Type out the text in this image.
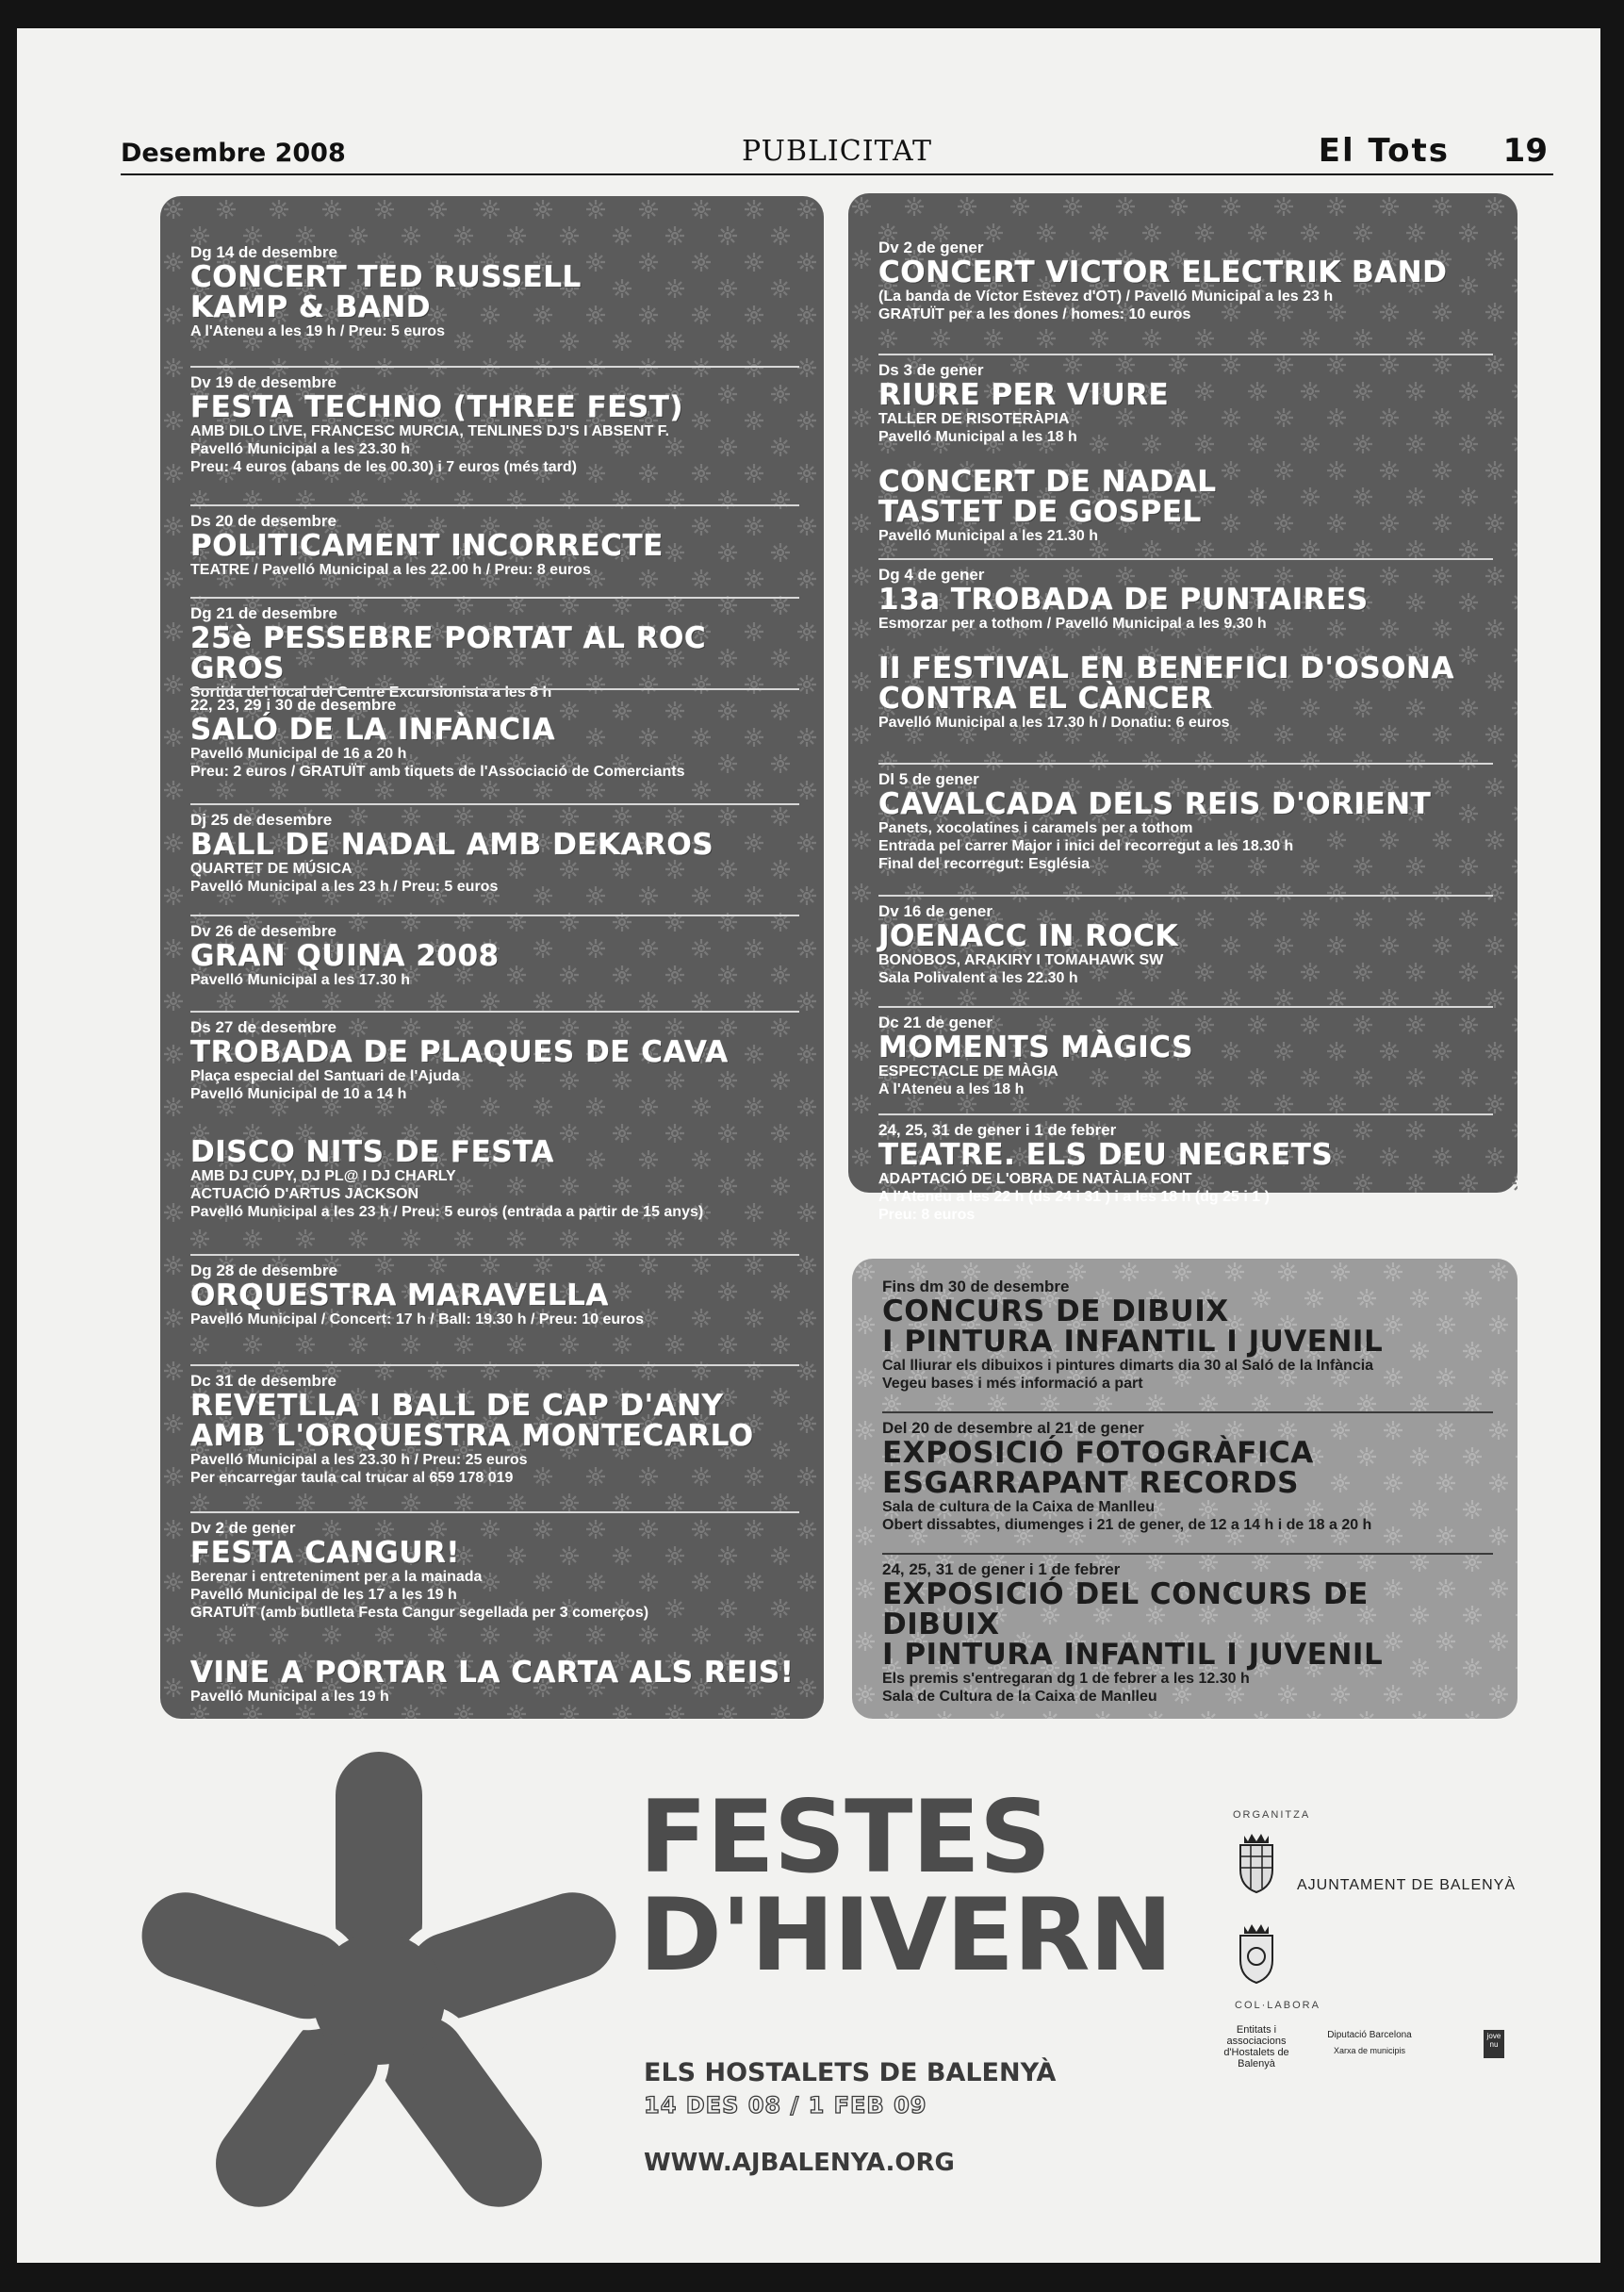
Desembre 2008	PUBLICITAT	El Tots 19
Dg 14 de desembre
CONCERT TED RUSSELL
KAMP & BAND
A l'Ateneu a les 19 h / Preu: 5 euros
Dv 19 de desembre
FESTA TECHNO (THREE FEST)
AMB DILO LIVE, FRANCESC MURCIA, TENLINES DJ'S I ABSENT F.
Pavelló Municipal a les 23.30 h
Preu: 4 euros (abans de les 00.30) i 7 euros (més tard)
Ds 20 de desembre
POLITICAMENT INCORRECTE
TEATRE / Pavelló Municipal a les 22.00 h / Preu: 8 euros
Dg 21 de desembre
25è PESSEBRE PORTAT AL ROC GROS
Sortida del local del Centre Excursionista a les 8 h
22, 23, 29 i 30 de desembre
SALÓ DE LA INFÀNCIA
Pavelló Municipal de 16 a 20 h
Preu: 2 euros / GRATUÏT amb tiquets de l'Associació de Comerciants
Dj 25 de desembre
BALL DE NADAL AMB DEKAROS
QUARTET DE MÚSICA
Pavelló Municipal a les 23 h / Preu: 5 euros
Dv 26 de desembre
GRAN QUINA 2008
Pavelló Municipal a les 17.30 h
Ds 27 de desembre
TROBADA DE PLAQUES DE CAVA
Plaça especial del Santuari de l'Ajuda
Pavelló Municipal de 10 a 14 h
DISCO NITS DE FESTA
AMB DJ CUPY, DJ PL@ I DJ CHARLY
ACTUACIÓ D'ARTUS JACKSON
Pavelló Municipal a les 23 h / Preu: 5 euros (entrada a partir de 15 anys)
Dg 28 de desembre
ORQUESTRA MARAVELLA
Pavelló Municipal / Concert: 17 h / Ball: 19.30 h / Preu: 10 euros
Dc 31 de desembre
REVETLLA I BALL DE CAP D'ANY
AMB L'ORQUESTRA MONTECARLO
Pavelló Municipal a les 23.30 h / Preu: 25 euros
Per encarregar taula cal trucar al 659 178 019
Dv 2 de gener
FESTA CANGUR!
Berenar i entreteniment per a la mainada
Pavelló Municipal de les 17 a les 19 h
GRATUÏT (amb butlleta Festa Cangur segellada per 3 comerços)
VINE A PORTAR LA CARTA ALS REIS!
Pavelló Municipal a les 19 h
Dv 2 de gener
CONCERT VICTOR ELECTRIK BAND
(La banda de Víctor Estevez d'OT) / Pavelló Municipal a les 23 h
GRATUÏT per a les dones / homes: 10 euros
Ds 3 de gener
RIURE PER VIURE
TALLER DE RISOTERÀPIA
Pavelló Municipal a les 18 h
CONCERT DE NADAL
TASTET DE GOSPEL
Pavelló Municipal a les 21.30 h
Dg 4 de gener
13a TROBADA DE PUNTAIRES
Esmorzar per a tothom / Pavelló Municipal a les 9.30 h
II FESTIVAL EN BENEFICI D'OSONA
CONTRA EL CÀNCER
Pavelló Municipal a les 17.30 h / Donatiu: 6 euros
Dl 5 de gener
CAVALCADA DELS REIS D'ORIENT
Panets, xocolatines i caramels per a tothom
Entrada pel carrer Major i inici del recorregut a les 18.30 h
Final del recorregut: Església
Dv 16 de gener
JOENACC IN ROCK
BONOBOS, ARAKIRY I TOMAHAWK SW
Sala Polivalent a les 22.30 h
Dc 21 de gener
MOMENTS MÀGICS
ESPECTACLE DE MÀGIA
A l'Ateneu a les 18 h
24, 25, 31 de gener i 1 de febrer
TEATRE. ELS DEU NEGRETS
ADAPTACIÓ DE L'OBRA DE NATÀLIA FONT
A l'Ateneu a les 22 h (ds 24 i 31 ) i a les 18 h (dg 25 i 1 )
Preu: 8 euros
Fins dm 30 de desembre
CONCURS DE DIBUIX
I PINTURA INFANTIL I JUVENIL
Cal lliurar els dibuixos i pintures dimarts dia 30 al Saló de la Infància
Vegeu bases i més informació a part
Del 20 de desembre al 21 de gener
EXPOSICIÓ FOTOGRÀFICA
ESGARRAPANT RECORDS
Sala de cultura de la Caixa de Manlleu
Obert dissabtes, diumenges i 21 de gener, de 12 a 14 h i de 18 a 20 h
24, 25, 31 de gener i 1 de febrer
EXPOSICIÓ DEL CONCURS DE DIBUIX
I PINTURA INFANTIL I JUVENIL
Els premis s'entregaran dg 1 de febrer a les 12.30 h
Sala de Cultura de la Caixa de Manlleu
FESTES
D'HIVERN
ELS HOSTALETS DE BALENYÀ
14 DES 08 / 1 FEB 09
WWW.AJBALENYA.ORG
ORGANITZA
AJUNTAMENT DE BALENYÀ
COL·LABORA
Entitats i associacions d'Hostalets de Balenyà
Diputació Barcelona
Xarxa de municipis
jove nu
